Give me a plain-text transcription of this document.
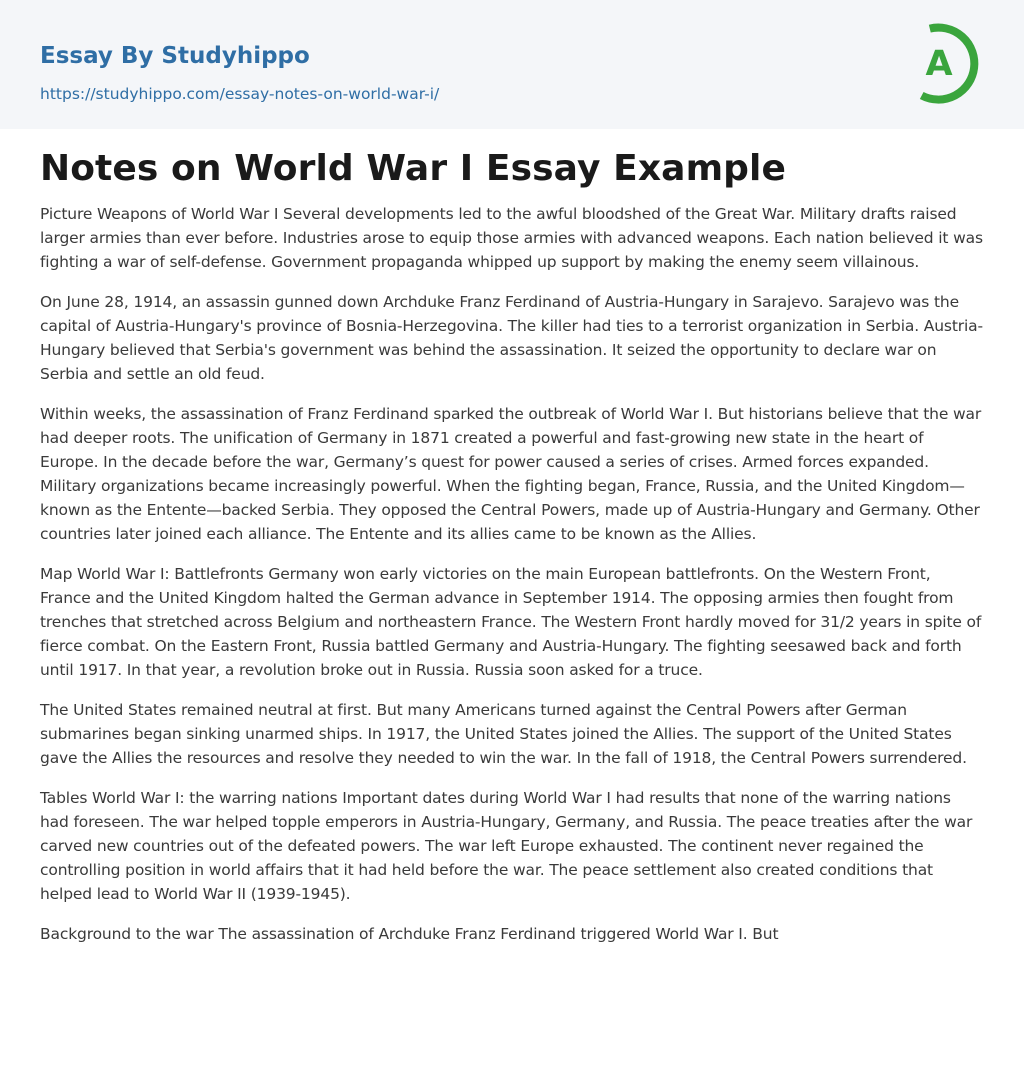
Essay By Studyhippo
https://studyhippo.com/essay-notes-on-world-war-i/
A
Notes on World War I Essay Example

Picture Weapons of World War I Several developments led to the awful bloodshed of the Great War. Military drafts raised larger armies than ever before. Industries arose to equip those armies with advanced weapons. Each nation believed it was fighting a war of self-defense. Government propaganda whipped up support by making the enemy seem villainous.

On June 28, 1914, an assassin gunned down Archduke Franz Ferdinand of Austria-Hungary in Sarajevo. Sarajevo was the capital of Austria-Hungary's province of Bosnia-Herzegovina. The killer had ties to a terrorist organization in Serbia. Austria-Hungary believed that Serbia's government was behind the assassination. It seized the opportunity to declare war on Serbia and settle an old feud.

Within weeks, the assassination of Franz Ferdinand sparked the outbreak of World War I. But historians believe that the war had deeper roots. The unification of Germany in 1871 created a powerful and fast-growing new state in the heart of Europe. In the decade before the war, Germany’s quest for power caused a series of crises. Armed forces expanded. Military organizations became increasingly powerful. When the fighting began, France, Russia, and the United Kingdom—known as the Entente—backed Serbia. They opposed the Central Powers, made up of Austria-Hungary and Germany. Other countries later joined each alliance. The Entente and its allies came to be known as the Allies.

Map World War I: Battlefronts Germany won early victories on the main European battlefronts. On the Western Front, France and the United Kingdom halted the German advance in September 1914. The opposing armies then fought from trenches that stretched across Belgium and northeastern France. The Western Front hardly moved for 31/2 years in spite of fierce combat. On the Eastern Front, Russia battled Germany and Austria-Hungary. The fighting seesawed back and forth until 1917. In that year, a revolution broke out in Russia. Russia soon asked for a truce.

The United States remained neutral at first. But many Americans turned against the Central Powers after German submarines began sinking unarmed ships. In 1917, the United States joined the Allies. The support of the United States gave the Allies the resources and resolve they needed to win the war. In the fall of 1918, the Central Powers surrendered.

Tables World War I: the warring nations Important dates during World War I had results that none of the warring nations had foreseen. The war helped topple emperors in Austria-Hungary, Germany, and Russia. The peace treaties after the war carved new countries out of the defeated powers. The war left Europe exhausted. The continent never regained the controlling position in world affairs that it had held before the war. The peace settlement also created conditions that helped lead to World War II (1939-1945).

Background to the war The assassination of Archduke Franz Ferdinand triggered World War I. But
